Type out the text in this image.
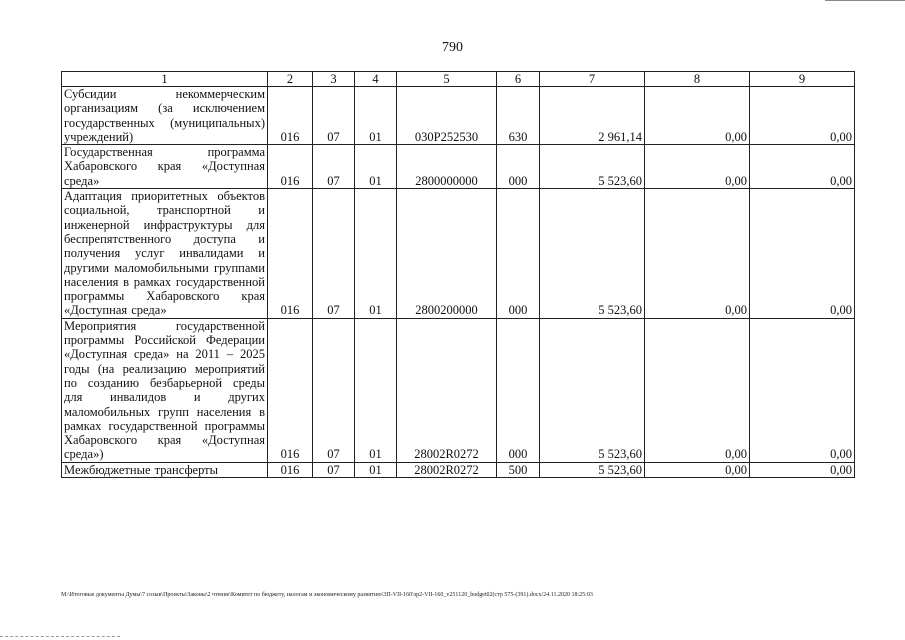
790
1	2	3	4	5	6	7	8	9
Субсидии некоммерческим организациям (за исключением государственных (муниципальных) учреждений)	016	07	01	030P252530	630	2 961,14	0,00	0,00
Государственная программа Хабаровского края «Доступная среда»	016	07	01	2800000000	000	5 523,60	0,00	0,00
Адаптация приоритетных объектов социальной, транспортной и инженерной инфраструктуры для беспрепятственного доступа и получения услуг инвалидами и другими маломобильными группами населения в рамках государственной программы Хабаровского края «Доступная среда»	016	07	01	2800200000	000	5 523,60	0,00	0,00
Мероприятия государственной программы Российской Федерации «Доступная среда» на 2011 – 2025 годы (на реализацию мероприятий по созданию безбарьерной среды для инвалидов и других маломобильных групп населения в рамках государственной программы Хабаровского края «Доступная среда»)	016	07	01	28002R0272	000	5 523,60	0,00	0,00
Межбюджетные трансферты	016	07	01	28002R0272	500	5 523,60	0,00	0,00
М:\Итоговые документы Думы\7 созыв\Проекты\Законы\2 чтение\Комитет по бюджету, налогам и экономическому развитию\3П-VII-160\зр2-VII-160_v251120_budget02(стр 575-(391).docx/24.11.2020 18:25:03
